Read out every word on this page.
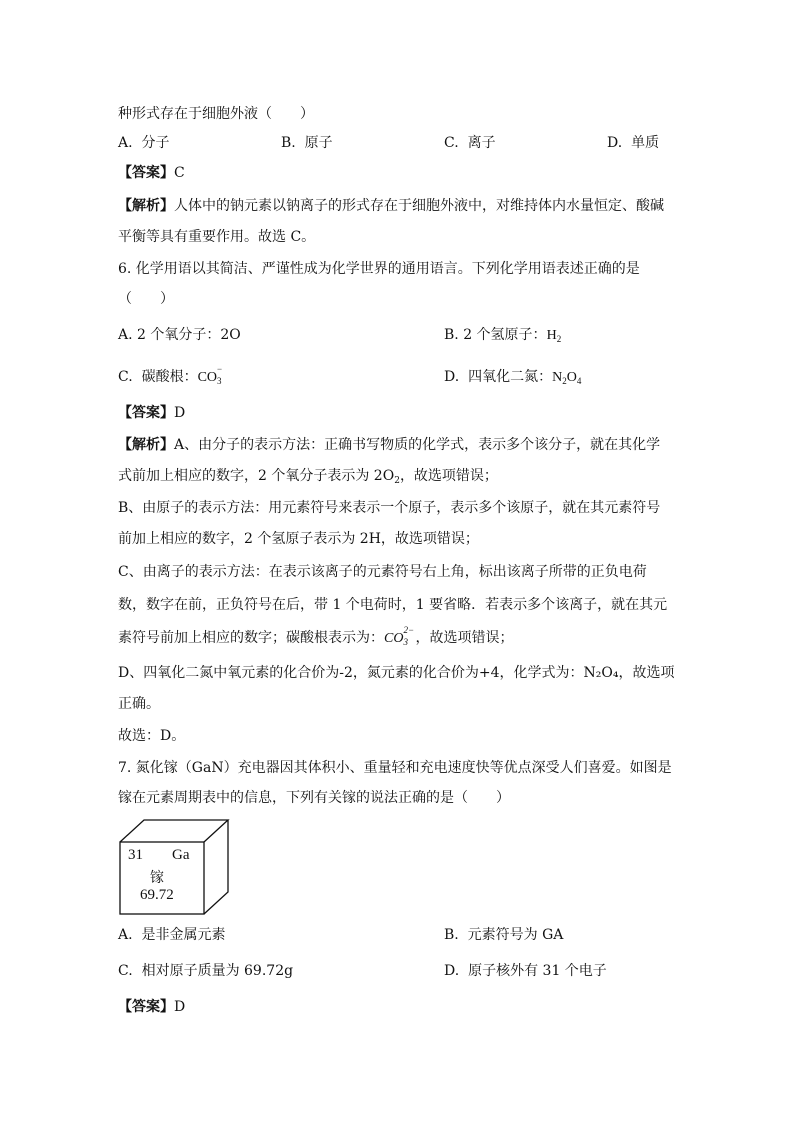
种形式存在于细胞外液（　　）
A. 分子	B. 原子	C. 离子	D. 单质
【答案】C
【解析】人体中的钠元素以钠离子的形式存在于细胞外液中，对维持体内水量恒定、酸碱
平衡等具有重要作用。故选 C。
6. 化学用语以其简洁、严谨性成为化学世界的通用语言。下列化学用语表述正确的是
（　　）
A. 2 个氧分子：2O	B. 2 个氢原子：$H_2$
C. 碳酸根：CO
−
3	D. 四氧化二氮：$N_2O_4$
【答案】D
【解析】A、由分子的表示方法：正确书写物质的化学式，表示多个该分子，就在其化学
式前加上相应的数字，2 个氧分子表示为 $2O_2$，故选项错误；
B、由原子的表示方法：用元素符号来表示一个原子，表示多个该原子，就在其元素符号
前加上相应的数字，2 个氢原子表示为 2H，故选项错误；
C、由离子的表示方法：在表示该离子的元素符号右上角，标出该离子所带的正负电荷
数，数字在前，正负符号在后，带 1 个电荷时，1 要省略．若表示多个该离子，就在其元
素符号前加上相应的数字；碳酸根表示为：CO
2−
3 ，故选项错误；
D、四氧化二氮中氧元素的化合价为-2，氮元素的化合价为+4，化学式为：N₂O₄，故选项
正确。
故选：D。
7. 氮化镓（GaN）充电器因其体积小、重量轻和充电速度快等优点深受人们喜爱。如图是
镓在元素周期表中的信息，下列有关镓的说法正确的是（　　）
31 Ga
镓
69.72
A. 是非金属元素	B. 元素符号为 GA
C. 相对原子质量为 69.72g	D. 原子核外有 31 个电子
【答案】D
